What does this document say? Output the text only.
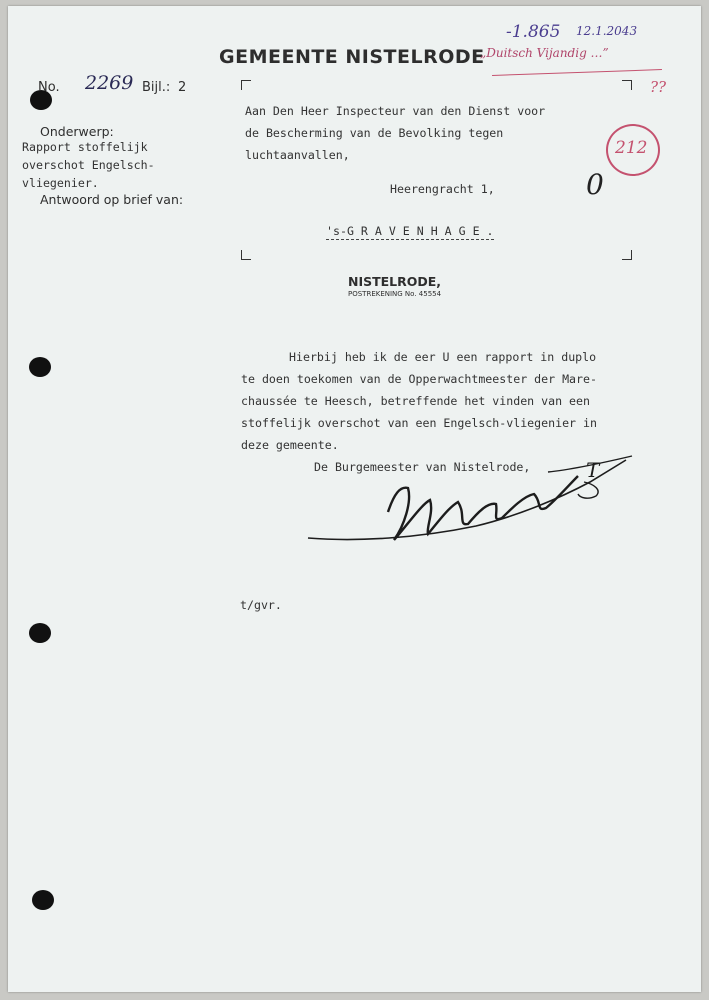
GEMEENTE NISTELRODE
No. 2269 Bijl.: 2
-1.865 12.1.2043
„Duitsch Vijandig …”
??
212
0
Onderwerp:
Rapport stoffelijk
overschot Engelsch-
vliegenier.
Antwoord op brief van:
Aan Den Heer Inspecteur van den Dienst voor
de Bescherming van de Bevolking tegen
luchtaanvallen,
Heerengracht 1,
's-G R A V E N H A G E .
NISTELRODE,
POSTREKENING No. 45554
Hierbij heb ik de eer U een rapport in duplo
te doen toekomen van de Opperwachtmeester der Mare-
chaussée te Heesch, betreffende het vinden van een
stoffelijk overschot van een Engelsch-vliegenier in
deze gemeente.
De Burgemeester van Nistelrode,	T
t/gvr.
